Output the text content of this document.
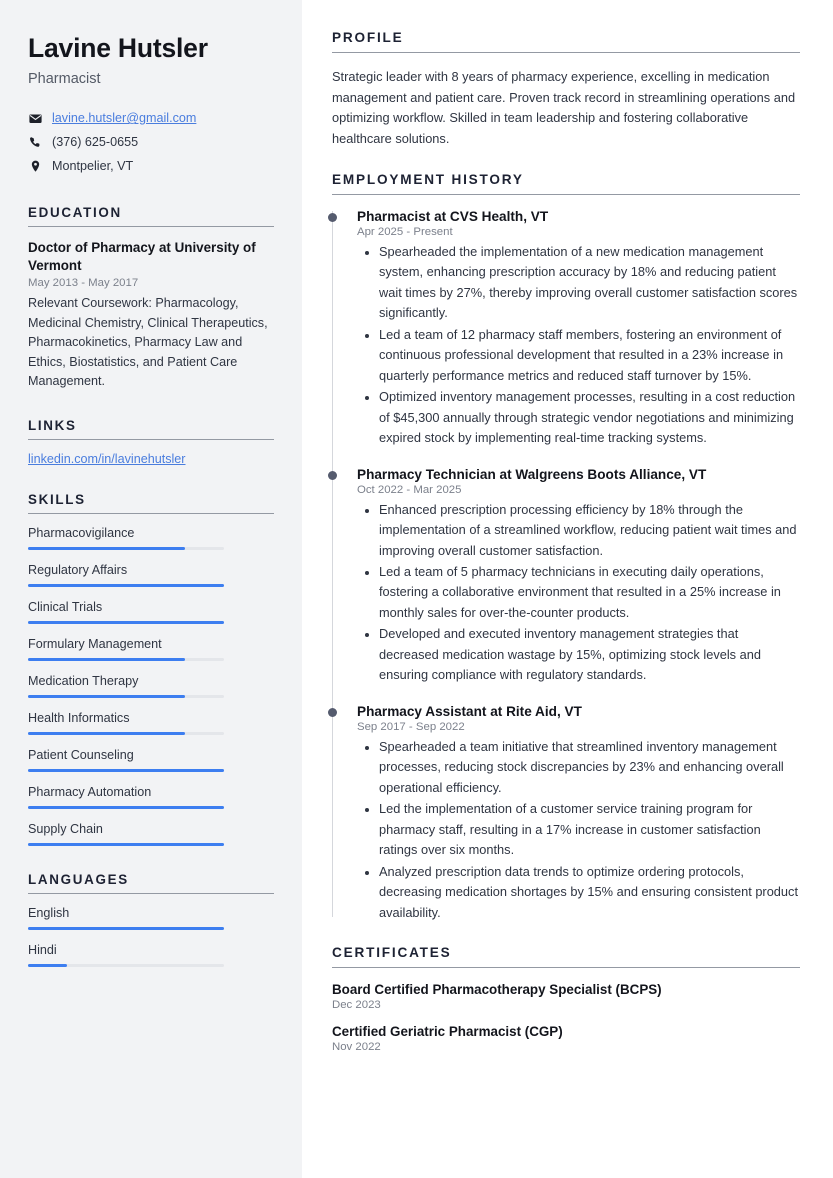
Lavine Hutsler
Pharmacist
lavine.hutsler@gmail.com
(376) 625-0655
Montpelier, VT
EDUCATION
Doctor of Pharmacy at University of Vermont
May 2013 - May 2017
Relevant Coursework: Pharmacology, Medicinal Chemistry, Clinical Therapeutics, Pharmacokinetics, Pharmacy Law and Ethics, Biostatistics, and Patient Care Management.
LINKS
linkedin.com/in/lavinehutsler
SKILLS
Pharmacovigilance
Regulatory Affairs
Clinical Trials
Formulary Management
Medication Therapy
Health Informatics
Patient Counseling
Pharmacy Automation
Supply Chain
LANGUAGES
English
Hindi
PROFILE

Strategic leader with 8 years of pharmacy experience, excelling in medication management and patient care. Proven track record in streamlining operations and optimizing workflow. Skilled in team leadership and fostering collaborative healthcare solutions.

EMPLOYMENT HISTORY
Pharmacist at CVS Health, VT
Apr 2025 - Present
• Spearheaded the implementation of a new medication management system, enhancing prescription accuracy by 18% and reducing patient wait times by 27%, thereby improving overall customer satisfaction scores significantly.
• Led a team of 12 pharmacy staff members, fostering an environment of continuous professional development that resulted in a 23% increase in quarterly performance metrics and reduced staff turnover by 15%.
• Optimized inventory management processes, resulting in a cost reduction of $45,300 annually through strategic vendor negotiations and minimizing expired stock by implementing real-time tracking systems.
Pharmacy Technician at Walgreens Boots Alliance, VT
Oct 2022 - Mar 2025
• Enhanced prescription processing efficiency by 18% through the implementation of a streamlined workflow, reducing patient wait times and improving overall customer satisfaction.
• Led a team of 5 pharmacy technicians in executing daily operations, fostering a collaborative environment that resulted in a 25% increase in monthly sales for over-the-counter products.
• Developed and executed inventory management strategies that decreased medication wastage by 15%, optimizing stock levels and ensuring compliance with regulatory standards.
Pharmacy Assistant at Rite Aid, VT
Sep 2017 - Sep 2022
• Spearheaded a team initiative that streamlined inventory management processes, reducing stock discrepancies by 23% and enhancing overall operational efficiency.
• Led the implementation of a customer service training program for pharmacy staff, resulting in a 17% increase in customer satisfaction ratings over six months.
• Analyzed prescription data trends to optimize ordering protocols, decreasing medication shortages by 15% and ensuring consistent product availability.
CERTIFICATES
Board Certified Pharmacotherapy Specialist (BCPS)
Dec 2023
Certified Geriatric Pharmacist (CGP)
Nov 2022
